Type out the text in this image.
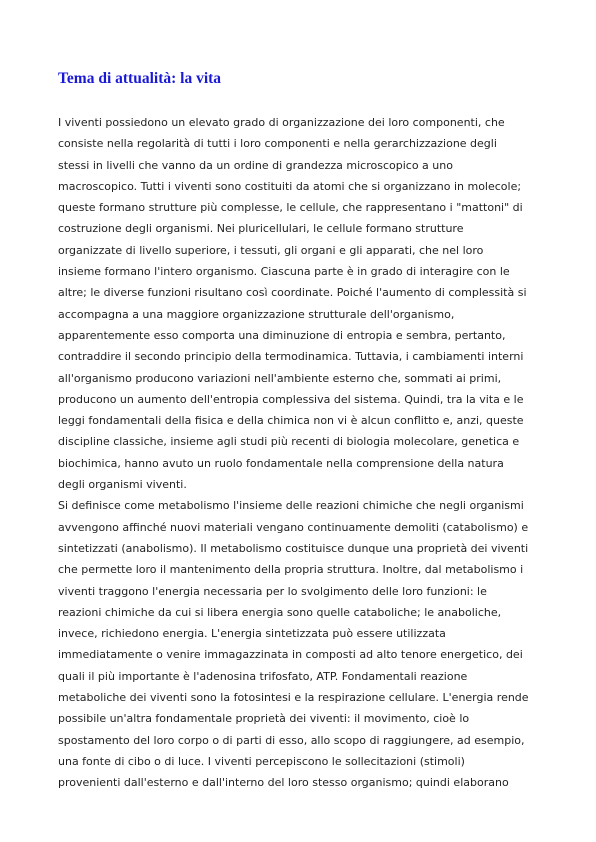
Tema di attualità: la vita
I viventi possiedono un elevato grado di organizzazione dei loro componenti, che
consiste nella regolarità di tutti i loro componenti e nella gerarchizzazione degli
stessi in livelli che vanno da un ordine di grandezza microscopico a uno
macroscopico. Tutti i viventi sono costituiti da atomi che si organizzano in molecole;
queste formano strutture più complesse, le cellule, che rappresentano i "mattoni" di
costruzione degli organismi. Nei pluricellulari, le cellule formano strutture
organizzate di livello superiore, i tessuti, gli organi e gli apparati, che nel loro
insieme formano l'intero organismo. Ciascuna parte è in grado di interagire con le
altre; le diverse funzioni risultano così coordinate. Poiché l'aumento di complessità si
accompagna a una maggiore organizzazione strutturale dell'organismo,
apparentemente esso comporta una diminuzione di entropia e sembra, pertanto,
contraddire il secondo principio della termodinamica. Tuttavia, i cambiamenti interni
all'organismo producono variazioni nell'ambiente esterno che, sommati ai primi,
producono un aumento dell'entropia complessiva del sistema. Quindi, tra la vita e le
leggi fondamentali della fisica e della chimica non vi è alcun conflitto e, anzi, queste
discipline classiche, insieme agli studi più recenti di biologia molecolare, genetica e
biochimica, hanno avuto un ruolo fondamentale nella comprensione della natura
degli organismi viventi.
Si definisce come metabolismo l'insieme delle reazioni chimiche che negli organismi
avvengono affinché nuovi materiali vengano continuamente demoliti (catabolismo) e
sintetizzati (anabolismo). Il metabolismo costituisce dunque una proprietà dei viventi
che permette loro il mantenimento della propria struttura. Inoltre, dal metabolismo i
viventi traggono l'energia necessaria per lo svolgimento delle loro funzioni: le
reazioni chimiche da cui si libera energia sono quelle cataboliche; le anaboliche,
invece, richiedono energia. L'energia sintetizzata può essere utilizzata
immediatamente o venire immagazzinata in composti ad alto tenore energetico, dei
quali il più importante è l'adenosina trifosfato, ATP. Fondamentali reazione
metaboliche dei viventi sono la fotosintesi e la respirazione cellulare. L'energia rende
possibile un'altra fondamentale proprietà dei viventi: il movimento, cioè lo
spostamento del loro corpo o di parti di esso, allo scopo di raggiungere, ad esempio,
una fonte di cibo o di luce. I viventi percepiscono le sollecitazioni (stimoli)
provenienti dall'esterno e dall'interno del loro stesso organismo; quindi elaborano
